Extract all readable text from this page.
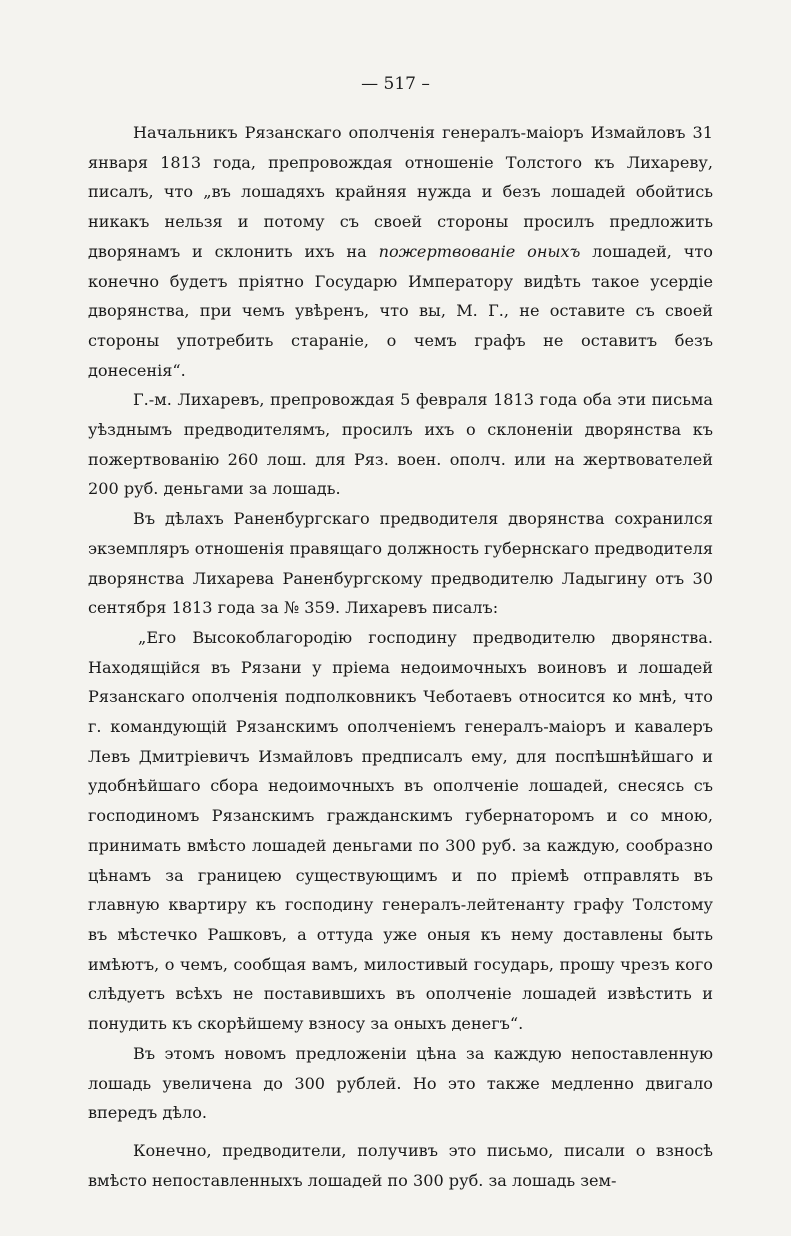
— 517 –

Начальникъ Рязанскаго ополченія генералъ-маіоръ Измайловъ 31 января 1813 года, препровождая отношеніе Толстого къ Лихареву, писалъ, что „въ лошадяхъ крайняя нужда и безъ лошадей обойтись никакъ нельзя и потому съ своей стороны просилъ предложить дворянамъ и склонить ихъ на пожертвованіе оныхъ лошадей, что конечно будетъ пріятно Государю Императору видѣть такое усердіе дворянства, при чемъ увѣренъ, что вы, М. Г., не оставите съ своей стороны употребить стараніе, о чемъ графъ не оставитъ безъ донесенія“.

Г.-м. Лихаревъ, препровождая 5 февраля 1813 года оба эти письма уѣзднымъ предводителямъ, просилъ ихъ о склоненіи дворянства къ пожертвованію 260 лош. для Ряз. воен. ополч. или на жертвователей 200 руб. деньгами за лошадь.

Въ дѣлахъ Раненбургскаго предводителя дворянства сохранился экземпляръ отношенія правящаго должность губернскаго предводителя дворянства Лихарева Раненбургскому предводителю Ладыгину отъ 30 сентября 1813 года за № 359. Лихаревъ писалъ:

„Его Высокоблагородію господину предводителю дворянства. Находящійся въ Рязани у пріема недоимочныхъ воиновъ и лошадей Рязанскаго ополченія подполковникъ Чеботаевъ относится ко мнѣ, что г. командующій Рязанскимъ ополченіемъ генералъ-маіоръ и кавалеръ Левъ Дмитріевичъ Измайловъ предписалъ ему, для поспѣшнѣйшаго и удобнѣйшаго сбора недоимочныхъ въ ополченіе лошадей, снесясь съ господиномъ Рязанскимъ гражданскимъ губернаторомъ и со мною, принимать вмѣсто лошадей деньгами по 300 руб. за каждую, сообразно цѣнамъ за границею существующимъ и по пріемѣ отправлять въ главную квартиру къ господину генералъ-лейтенанту графу Толстому въ мѣстечко Рашковъ, а оттуда уже оныя къ нему доставлены быть имѣютъ, о чемъ, сообщая вамъ, милостивый государь, прошу чрезъ кого слѣдуетъ всѣхъ не поставившихъ въ ополченіе лошадей извѣстить и понудить къ скорѣйшему взносу за оныхъ денегъ“.

Въ этомъ новомъ предложеніи цѣна за каждую непоставленную лошадь увеличена до 300 рублей. Но это также медленно двигало впередъ дѣло.

Конечно, предводители, получивъ это письмо, писали о взносѣ вмѣсто непоставленныхъ лошадей по 300 руб. за лошадь зем-
